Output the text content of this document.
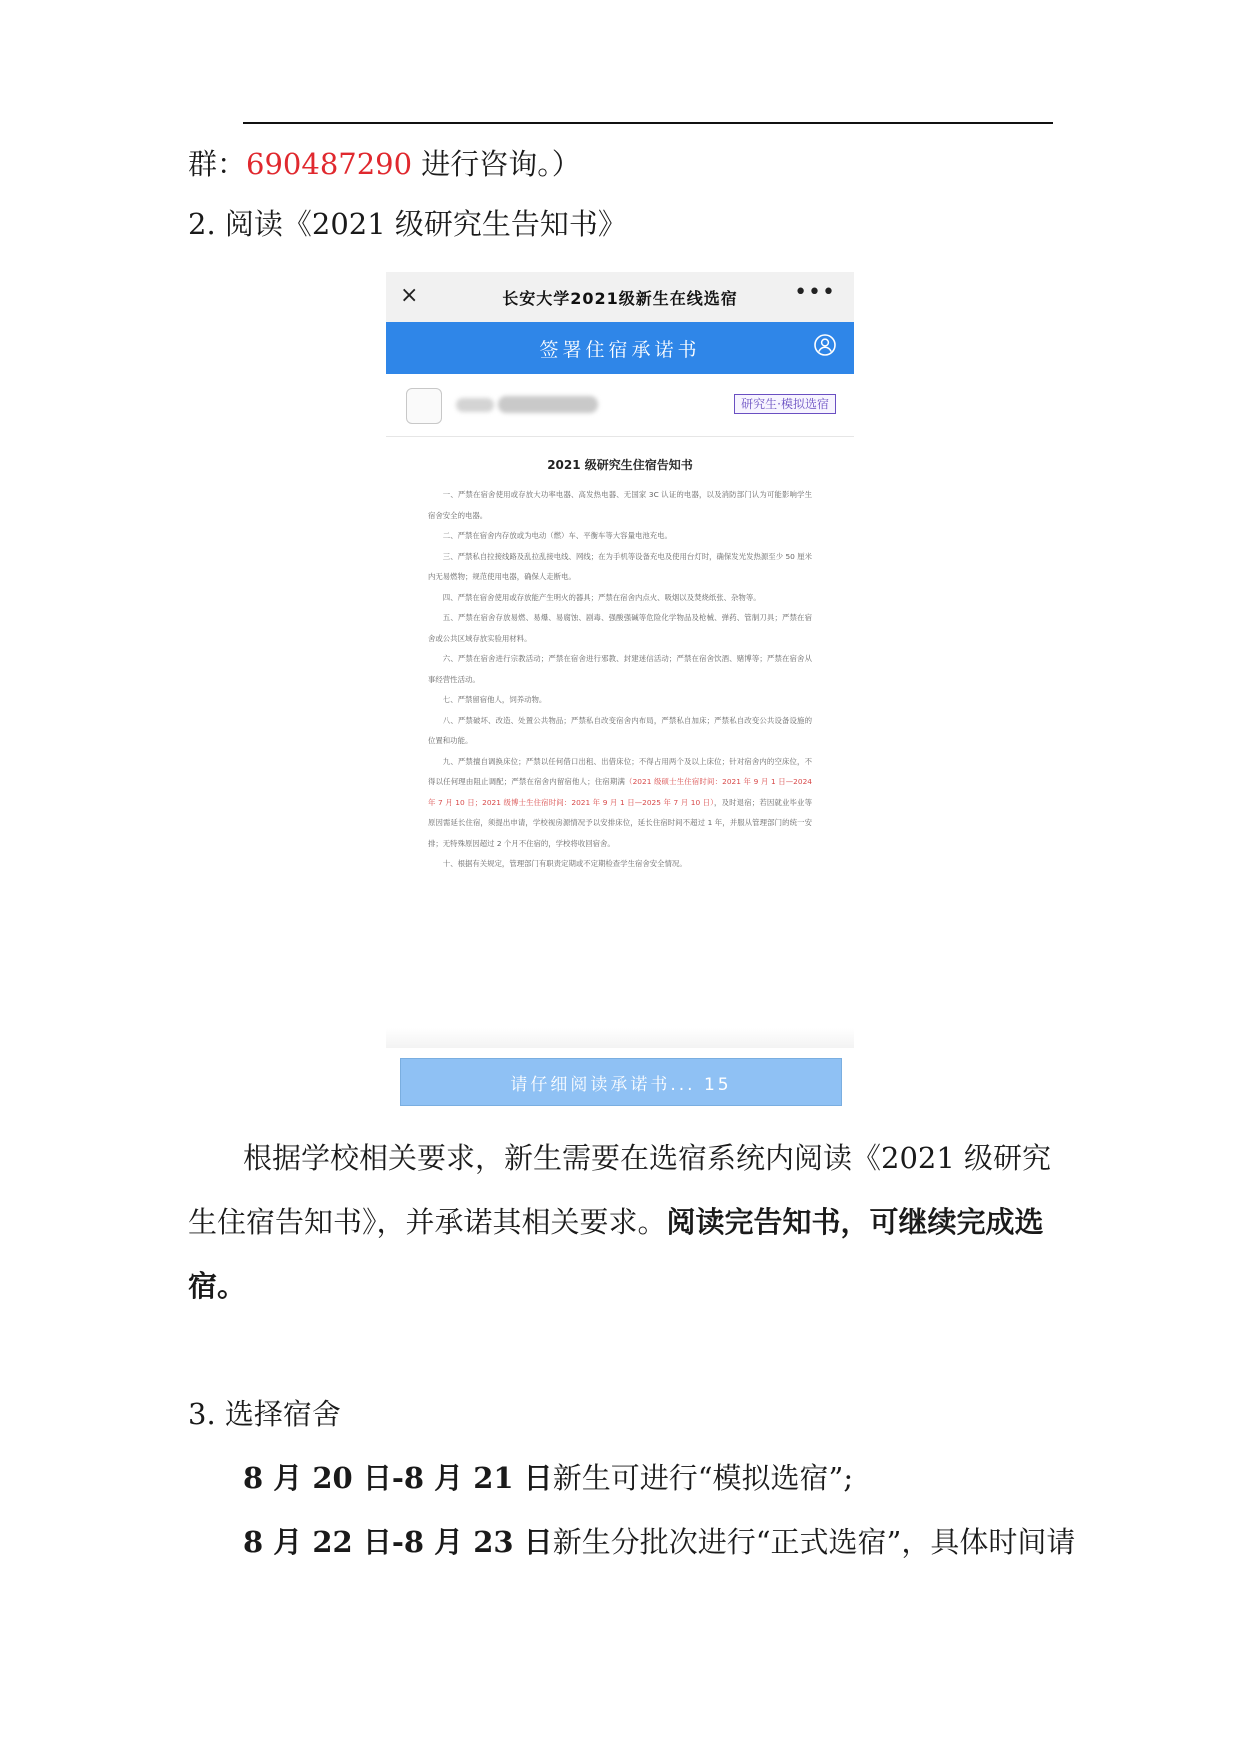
群：690487290 进行咨询。）
2. 阅读《2021 级研究生告知书》
×	长安大学2021级新生在线选宿	•••
签署住宿承诺书
研究生·模拟选宿
2021 级研究生住宿告知书

一、严禁在宿舍使用或存放大功率电器、高发热电器、无国家 3C 认证的电器，以及消防部门认为可能影响学生宿舍安全的电器。

二、严禁在宿舍内存放或为电动（燃）车、平衡车等大容量电池充电。

三、严禁私自拉接线路及乱拉乱接电线、网线；在为手机等设备充电及使用台灯时，确保发光发热源至少 50 厘米内无易燃物；规范使用电器，确保人走断电。

四、严禁在宿舍使用或存放能产生明火的器具；严禁在宿舍内点火、吸烟以及焚烧纸张、杂物等。

五、严禁在宿舍存放易燃、易爆、易腐蚀、剧毒、强酸强碱等危险化学物品及枪械、弹药、管制刀具；严禁在宿舍或公共区域存放实验用材料。

六、严禁在宿舍进行宗教活动；严禁在宿舍进行邪教、封建迷信活动；严禁在宿舍饮酒、赌博等；严禁在宿舍从事经营性活动。

七、严禁留宿他人，饲养动物。

八、严禁破坏、改造、处置公共物品；严禁私自改变宿舍内布局，严禁私自加床；严禁私自改变公共设备设施的位置和功能。

九、严禁擅自调换床位；严禁以任何借口出租、出借床位；不得占用两个及以上床位；针对宿舍内的空床位，不得以任何理由阻止调配；严禁在宿舍内留宿他人；住宿期满（2021 级硕士生住宿时间：2021 年 9 月 1 日—2024 年 7 月 10 日；2021 级博士生住宿时间：2021 年 9 月 1 日—2025 年 7 月 10 日），及时退宿；若因就业毕业等原因需延长住宿，须提出申请，学校视房源情况予以安排床位，延长住宿时间不超过 1 年，并服从管理部门的统一安排；无特殊原因超过 2 个月不住宿的，学校将收回宿舍。

十、根据有关规定，管理部门有职责定期或不定期检查学生宿舍安全情况。

请仔细阅读承诺书... 15
根据学校相关要求，新生需要在选宿系统内阅读《2021 级研究
生住宿告知书》，并承诺其相关要求。阅读完告知书，可继续完成选
宿。
3. 选择宿舍
8 月 20 日-8 月 21 日新生可进行“模拟选宿”;
8 月 22 日-8 月 23 日新生分批次进行“正式选宿”，具体时间请
